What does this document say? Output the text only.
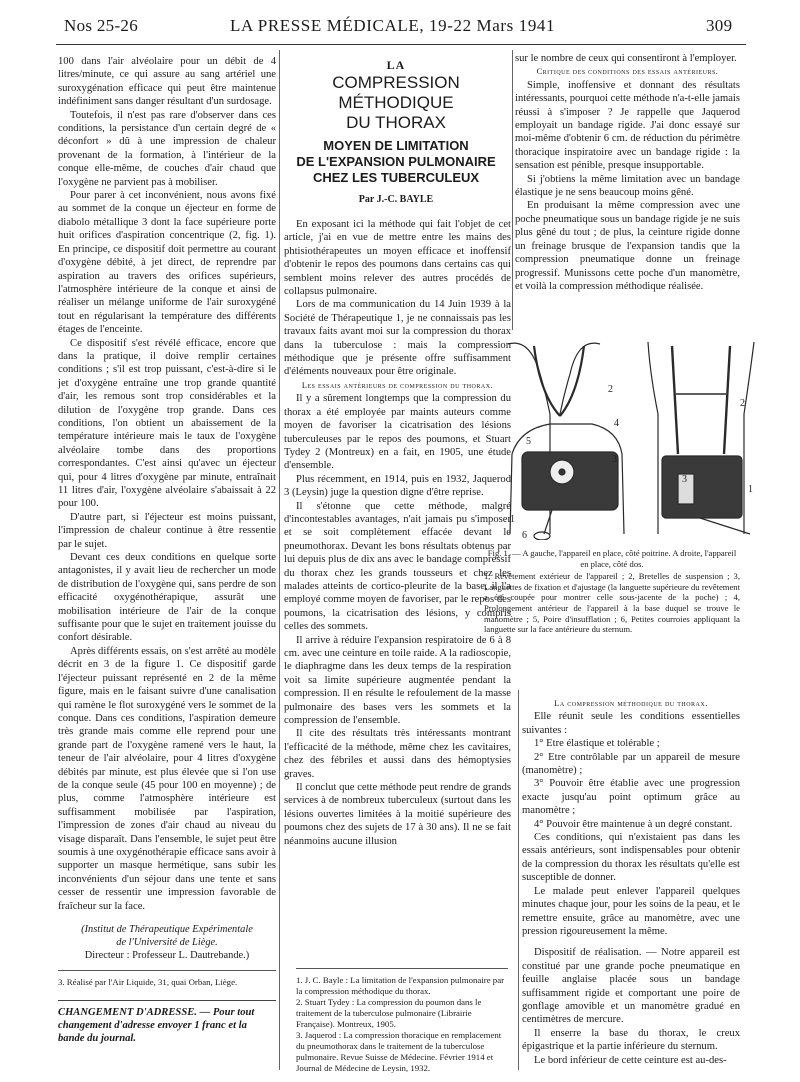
Nos 25-26	LA PRESSE MÉDICALE, 19-22 Mars 1941	309

100 dans l'air alvéolaire pour un débit de 4 litres/minute, ce qui assure au sang artériel une suroxygénation efficace qui peut être maintenue indéfiniment sans danger résultant d'un surdosage.

Toutefois, il n'est pas rare d'observer dans ces conditions, la persistance d'un certain degré de « déconfort » dû à une impression de chaleur provenant de la formation, à l'intérieur de la conque elle-même, de couches d'air chaud que l'oxygène ne parvient pas à mobiliser.

Pour parer à cet inconvénient, nous avons fixé au sommet de la conque un éjecteur en forme de diabolo métallique 3 dont la face supérieure porte huit orifices d'aspiration concentrique (2, fig. 1). En principe, ce dispositif doit permettre au courant d'oxygène débité, à jet direct, de reprendre par aspiration au travers des orifices supérieurs, l'atmosphère intérieure de la conque et ainsi de réaliser un mélange uniforme de l'air suroxygéné tout en régularisant la température des différents étages de l'enceinte.

Ce dispositif s'est révélé efficace, encore que dans la pratique, il doive remplir certaines conditions ; s'il est trop puissant, c'est-à-dire si le jet d'oxygène entraîne une trop grande quantité d'air, les remous sont trop considérables et la dilution de l'oxygène trop grande. Dans ces conditions, l'on obtient un abaissement de la température intérieure mais le taux de l'oxygène alvéolaire tombe dans des proportions correspondantes. C'est ainsi qu'avec un éjecteur qui, pour 4 litres d'oxygène par minute, entraînait 11 litres d'air, l'oxygène alvéolaire s'abaissait à 22 pour 100.

D'autre part, si l'éjecteur est moins puissant, l'impression de chaleur continue à être ressentie par le sujet.

Devant ces deux conditions en quelque sorte antagonistes, il y avait lieu de rechercher un mode de distribution de l'oxygène qui, sans perdre de son efficacité oxygénothérapique, assurât une mobilisation intérieure de l'air de la conque suffisante pour que le sujet en traitement jouisse du confort désirable.

Après différents essais, on s'est arrêté au modèle décrit en 3 de la figure 1. Ce dispositif garde l'éjecteur puissant représenté en 2 de la même figure, mais en le faisant suivre d'une canalisation qui ramène le flot suroxygéné vers le sommet de la conque. Dans ces conditions, l'aspiration demeure très grande mais comme elle reprend pour une grande part de l'oxygène ramené vers le haut, la teneur de l'air alvéolaire, pour 4 litres d'oxygène débités par minute, est plus élevée que si l'on use de la conque seule (45 pour 100 en moyenne) ; de plus, comme l'atmosphère intérieure est suffisamment mobilisée par l'aspiration, l'impression de zones d'air chaud au niveau du visage disparaît. Dans l'ensemble, le sujet peut être soumis à une oxygénothérapie efficace sans avoir à supporter un masque hermétique, sans subir les inconvénients d'un séjour dans une tente et sans cesser de ressentir une impression favorable de fraîcheur sur la face.

(Institut de Thérapeutique Expérimentale
de l'Université de Liège.
Directeur : Professeur L. Dautrebande.)
3. Réalisé par l'Air Liquide, 31, quai Orban, Liège.
CHANGEMENT D'ADRESSE. — Pour tout changement d'adresse envoyer 1 franc et la bande du journal.
LA
COMPRESSION MÉTHODIQUE
DU THORAX
MOYEN DE LIMITATION
DE L'EXPANSION PULMONAIRE
CHEZ LES TUBERCULEUX
Par J.-C. BAYLE

En exposant ici la méthode qui fait l'objet de cet article, j'ai en vue de mettre entre les mains des phtisiothérapeutes un moyen efficace et inoffensif d'obtenir le repos des poumons dans certains cas qui semblent moins relever des autres procédés de collapsus pulmonaire.

Lors de ma communication du 14 Juin 1939 à la Société de Thérapeutique 1, je ne connaissais pas les travaux faits avant moi sur la compression du thorax dans la tuberculose : mais la compression méthodique que je présente offre suffisamment d'éléments nouveaux pour être originale.

Les essais antérieurs de compression du thorax.

Il y a sûrement longtemps que la compression du thorax a été employée par maints auteurs comme moyen de favoriser la cicatrisation des lésions tuberculeuses par le repos des poumons, et Stuart Tydey 2 (Montreux) en a fait, en 1905, une étude d'ensemble.

Plus récemment, en 1914, puis en 1932, Jaquerod 3 (Leysin) juge la question digne d'être reprise.

Il s'étonne que cette méthode, malgré d'incontestables avantages, n'ait jamais pu s'imposer et se soit complètement effacée devant le pneumothorax. Devant les bons résultats obtenus par lui depuis plus de dix ans avec le bandage compressif du thorax chez les grands tousseurs et chez les malades atteints de cortico-pleurite de la base, il l'a employé comme moyen de favoriser, par le repos des poumons, la cicatrisation des lésions, y compris celles des sommets.

Il arrive à réduire l'expansion respiratoire de 6 à 8 cm. avec une ceinture en toile raide. A la radioscopie, le diaphragme dans les deux temps de la respiration voit sa limite supérieure augmentée pendant la compression. Il en résulte le refoulement de la masse pulmonaire des bases vers les sommets et la compression de l'ensemble.

Il cite des résultats très intéressants montrant l'efficacité de la méthode, même chez les cavitaires, chez des fébriles et aussi dans des hémoptysies graves.

Il conclut que cette méthode peut rendre de grands services à de nombreux tuberculeux (surtout dans les lésions ouvertes limitées à la moitié supérieure des poumons chez des sujets de 17 à 30 ans). Il ne se fait néanmoins aucune illusion

1. J. C. Bayle : La limitation de l'expansion pulmonaire par la compression méthodique du thorax.
2. Stuart Tydey : La compression du poumon dans le traitement de la tuberculose pulmonaire (Librairie Française). Montreux, 1905.
3. Jaquerod : La compression thoracique en remplacement du pneumothorax dans le traitement de la tuberculose pulmonaire. Revue Suisse de Médecine. Février 1914 et Journal de Médecine de Leysin, 1932.

sur le nombre de ceux qui consentiront à l'employer.

Critique des conditions des essais antérieurs.

Simple, inoffensive et donnant des résultats intéressants, pourquoi cette méthode n'a-t-elle jamais réussi à s'imposer ? Je rappelle que Jaquerod employait un bandage rigide. J'ai donc essayé sur moi-même d'obtenir 6 cm. de réduction du périmètre thoracique inspiratoire avec un bandage rigide : la sensation est pénible, presque insupportable.

Si j'obtiens la même limitation avec un bandage élastique je ne sens beaucoup moins gêné.

En produisant la même compression avec une poche pneumatique sous un bandage rigide je ne suis plus gêné du tout ; de plus, la ceinture rigide donne un freinage brusque de l'expansion tandis que la compression pneumatique donne un freinage progressif. Munissons cette poche d'un manomètre, et voilà la compression méthodique réalisée.

1
2
3
4
5
6
1
2
3
Fig. 1. — A gauche, l'appareil en place, côté poitrine. A droite, l'appareil en place, côté dos.
1, Revêtement extérieur de l'appareil ; 2, Bretelles de suspension ; 3, Languettes de fixation et d'ajustage (la languette supérieure du revêtement a été coupée pour montrer celle sous-jacente de la poche) ; 4, Prolongement antérieur de l'appareil à la base duquel se trouve le manomètre ; 5, Poire d'insufflation ; 6, Petites courroies appliquant la languette sur la face antérieure du sternum.

La compression méthodique du thorax.

Elle réunit seule les conditions essentielles suivantes :

1° Etre élastique et tolérable ;

2° Etre contrôlable par un appareil de mesure (manomètre) ;

3° Pouvoir être établie avec une progression exacte jusqu'au point optimum grâce au manomètre ;

4° Pouvoir être maintenue à un degré constant.

Ces conditions, qui n'existaient pas dans les essais antérieurs, sont indispensables pour obtenir de la compression du thorax les résultats qu'elle est susceptible de donner.

Le malade peut enlever l'appareil quelques minutes chaque jour, pour les soins de la peau, et le remettre ensuite, grâce au manomètre, avec une pression rigoureusement la même.

Dispositif de réalisation. — Notre appareil est constitué par une grande poche pneumatique en feuille anglaise placée sous un bandage suffisamment rigide et comportant une poire de gonflage amovible et un manomètre gradué en centimètres de mercure.

Il enserre la base du thorax, le creux épigastrique et la partie inférieure du sternum.

Le bord inférieur de cette ceinture est au-des-
